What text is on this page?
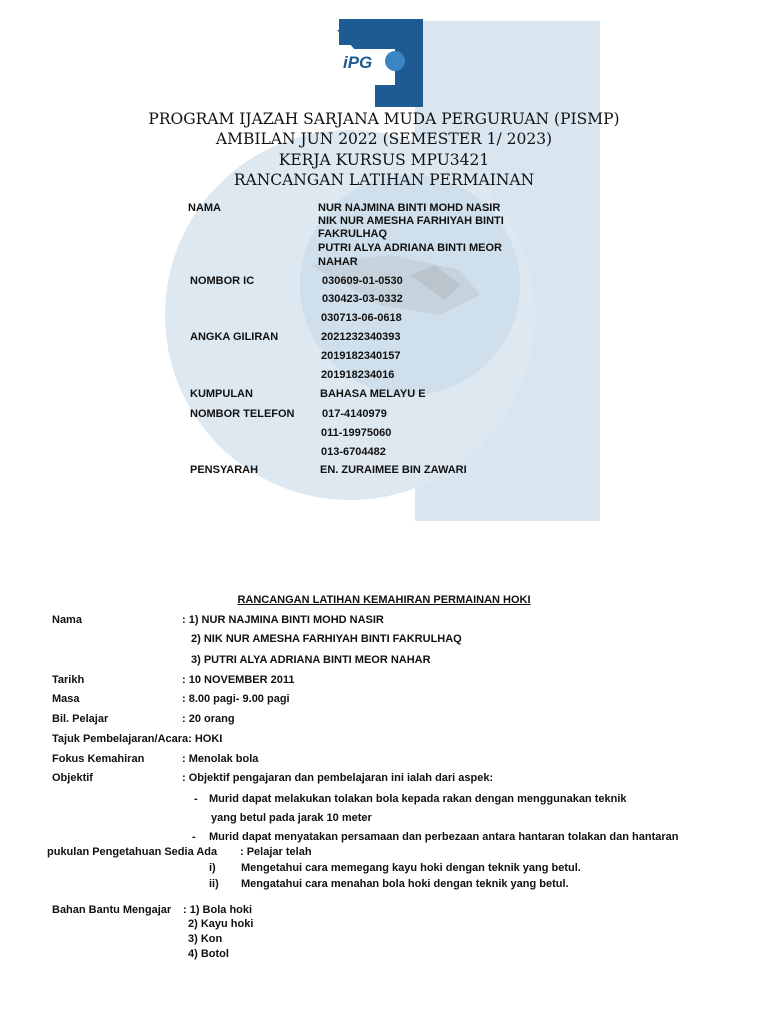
iPG
PROGRAM IJAZAH SARJANA MUDA PERGURUAN (PISMP)
AMBILAN JUN 2022 (SEMESTER 1/ 2023)
KERJA KURSUS MPU3421
RANCANGAN LATIHAN PERMAINAN
NAMA	NUR NAJMINA BINTI MOHD NASIR
NIK NUR AMESHA FARHIYAH BINTI
FAKRULHAQ
PUTRI ALYA ADRIANA BINTI MEOR
NAHAR
NOMBOR IC	030609-01-0530
030423-03-0332
030713-06-0618
ANGKA GILIRAN	2021232340393
2019182340157
201918234016
KUMPULAN	BAHASA MELAYU E
NOMBOR TELEFON	017-4140979
011-19975060
013-6704482
PENSYARAH	EN. ZURAIMEE BIN ZAWARI
RANCANGAN LATIHAN KEMAHIRAN PERMAINAN HOKI
Nama	: 1) NUR NAJMINA BINTI MOHD NASIR
2) NIK NUR AMESHA FARHIYAH BINTI FAKRULHAQ
3) PUTRI ALYA ADRIANA BINTI MEOR NAHAR
Tarikh	: 10 NOVEMBER 2011
Masa	: 8.00 pagi- 9.00 pagi
Bil. Pelajar	: 20 orang
Tajuk Pembelajaran/Acara: HOKI
Fokus Kemahiran	: Menolak bola
Objektif	: Objektif pengajaran dan pembelajaran ini ialah dari aspek:
- Murid dapat melakukan tolakan bola kepada rakan dengan menggunakan teknik
yang betul pada jarak 10 meter
- Murid dapat menyatakan persamaan dan perbezaan antara hantaran tolakan dan hantaran
pukulan Pengetahuan Sedia Ada : Pelajar telah
i) Mengetahui cara memegang kayu hoki dengan teknik yang betul.
ii) Mengatahui cara menahan bola hoki dengan teknik yang betul.
Bahan Bantu Mengajar : 1) Bola hoki
2) Kayu hoki
3) Kon
4) Botol
